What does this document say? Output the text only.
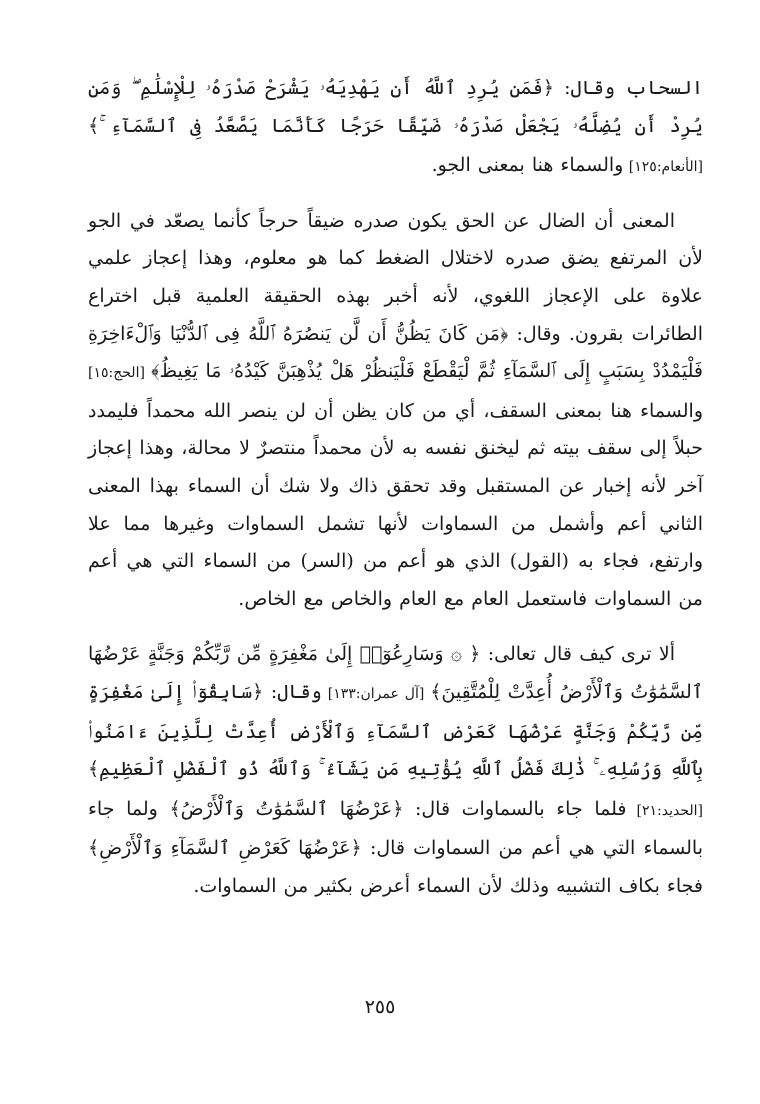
السحاب وقال: ﴿فَمَن يُرِدِ ٱللَّهُ أَن يَهْدِيَهُۥ يَشْرَحْ صَدْرَهُۥ لِلْإِسْلَٰمِ ۖ وَمَن يُرِدْ أَن يُضِلَّهُۥ يَجْعَلْ صَدْرَهُۥ ضَيِّقًا حَرَجًا كَأَنَّمَا يَصَّعَّدُ فِى ٱلسَّمَآءِ ۚ﴾ [الأنعام:١٢٥] والسماء هنا بمعنى الجو.

المعنى أن الضال عن الحق يكون صدره ضيقاً حرجاً كأنما يصعّد في الجو لأن المرتفع يضق صدره لاختلال الضغط كما هو معلوم، وهذا إعجاز علمي علاوة على الإعجاز اللغوي، لأنه أخبر بهذه الحقيقة العلمية قبل اختراع الطائرات بقرون. وقال: ﴿مَن كَانَ يَظُنُّ أَن لَّن يَنصُرَهُ ٱللَّهُ فِى ٱلدُّنْيَا وَٱلْءَاخِرَةِ فَلْيَمْدُدْ بِسَبَبٍ إِلَى ٱلسَّمَآءِ ثُمَّ لْيَقْطَعْ فَلْيَنظُرْ هَلْ يُذْهِبَنَّ كَيْدُهُۥ مَا يَغِيظُ﴾ [الحج:١٥] والسماء هنا بمعنى السقف، أي من كان يظن أن لن ينصر الله محمداً فليمدد حبلاً إلى سقف بيته ثم ليخنق نفسه به لأن محمداً منتصرٌ لا محالة، وهذا إعجاز آخر لأنه إخبار عن المستقبل وقد تحقق ذاك ولا شك أن السماء بهذا المعنى الثاني أعم وأشمل من السماوات لأنها تشمل السماوات وغيرها مما علا وارتفع، فجاء به (القول) الذي هو أعم من (السر) من السماء التي هي أعم من السماوات فاستعمل العام مع العام والخاص مع الخاص.

ألا ترى كيف قال تعالى: ﴿ ۞ وَسَارِعُوٓا۟ إِلَىٰ مَغْفِرَةٍ مِّن رَّبِّكُمْ وَجَنَّةٍ عَرْضُهَا ٱلسَّمَٰوَٰتُ وَٱلْأَرْضُ أُعِدَّتْ لِلْمُتَّقِينَ﴾ [آل عمران:١٣٣] وقال: ﴿سَابِقُوٓا۟ إِلَىٰ مَغْفِرَةٍ مِّن رَّبِّكُمْ وَجَنَّةٍ عَرْضُهَا كَعَرْضِ ٱلسَّمَآءِ وَٱلْأَرْضِ أُعِدَّتْ لِلَّذِينَ ءَامَنُوا۟ بِٱللَّهِ وَرُسُلِهِۦ ۚ ذَٰلِكَ فَضْلُ ٱللَّهِ يُؤْتِيهِ مَن يَشَآءُ ۚ وَٱللَّهُ ذُو ٱلْفَضْلِ ٱلْعَظِيمِ﴾ [الحديد:٢١] فلما جاء بالسماوات قال: ﴿عَرْضُهَا ٱلسَّمَٰوَٰتُ وَٱلْأَرْضُ﴾ ولما جاء بالسماء التي هي أعم من السماوات قال: ﴿عَرْضُهَا كَعَرْضِ ٱلسَّمَآءِ وَٱلْأَرْضِ﴾ فجاء بكاف التشبيه وذلك لأن السماء أعرض بكثير من السماوات.

٢٥٥
